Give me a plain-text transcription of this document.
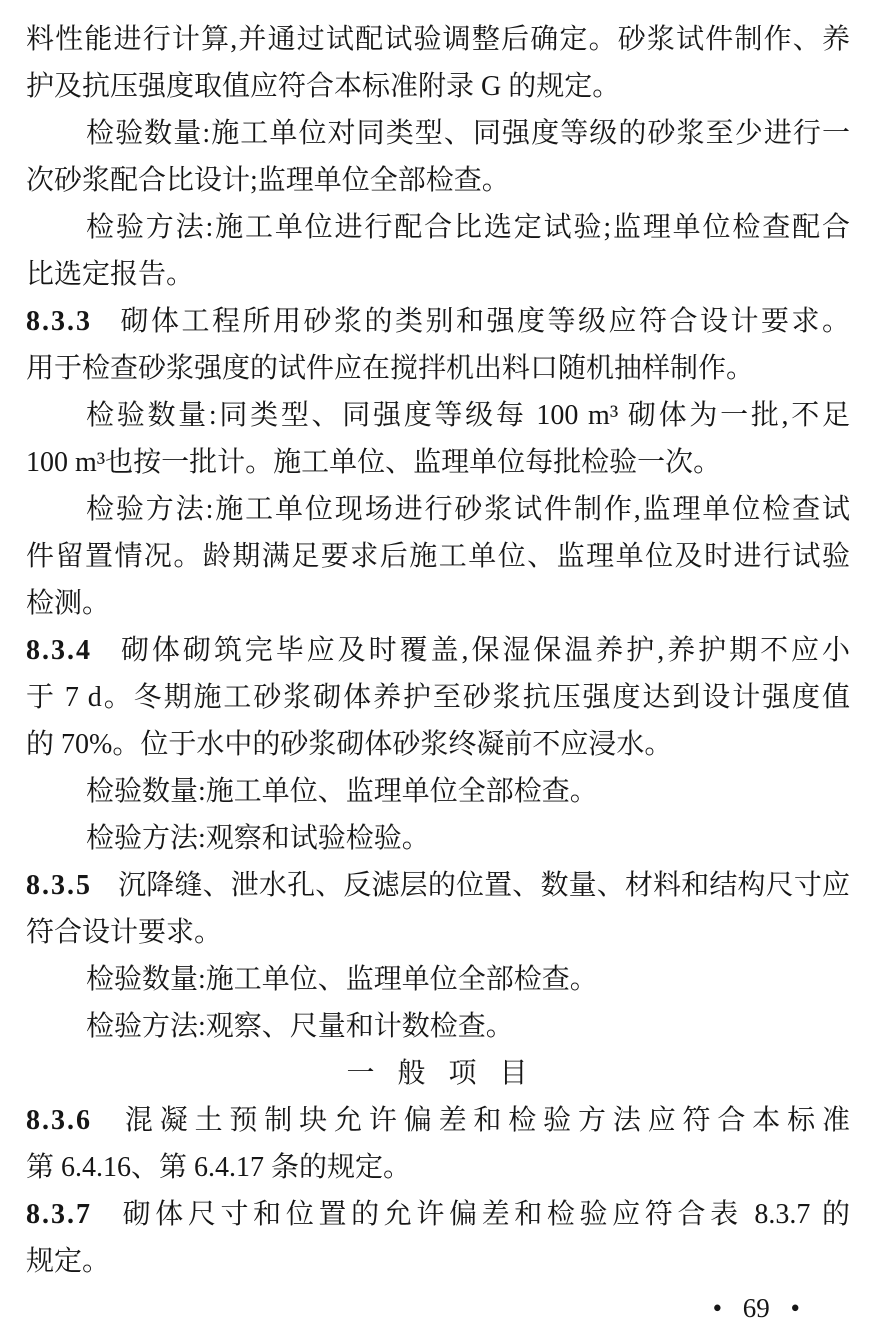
料性能进行计算,并通过试配试验调整后确定。砂浆试件制作、养
护及抗压强度取值应符合本标准附录 G 的规定。
检验数量:施工单位对同类型、同强度等级的砂浆至少进行一
次砂浆配合比设计;监理单位全部检查。
检验方法:施工单位进行配合比选定试验;监理单位检查配合
比选定报告。
8.3.3 砌体工程所用砂浆的类别和强度等级应符合设计要求。
用于检查砂浆强度的试件应在搅拌机出料口随机抽样制作。
检验数量:同类型、同强度等级每 100 m³ 砌体为一批,不足
100 m³也按一批计。施工单位、监理单位每批检验一次。
检验方法:施工单位现场进行砂浆试件制作,监理单位检查试
件留置情况。龄期满足要求后施工单位、监理单位及时进行试验
检测。
8.3.4 砌体砌筑完毕应及时覆盖,保湿保温养护,养护期不应小
于 7 d。冬期施工砂浆砌体养护至砂浆抗压强度达到设计强度值
的 70%。位于水中的砂浆砌体砂浆终凝前不应浸水。
检验数量:施工单位、监理单位全部检查。
检验方法:观察和试验检验。
8.3.5 沉降缝、泄水孔、反滤层的位置、数量、材料和结构尺寸应
符合设计要求。
检验数量:施工单位、监理单位全部检查。
检验方法:观察、尺量和计数检查。
一 般 项 目
8.3.6 混凝土预制块允许偏差和检验方法应符合本标准
第 6.4.16、第 6.4.17 条的规定。
8.3.7 砌体尺寸和位置的允许偏差和检验应符合表 8.3.7 的
规定。
• 69 •
